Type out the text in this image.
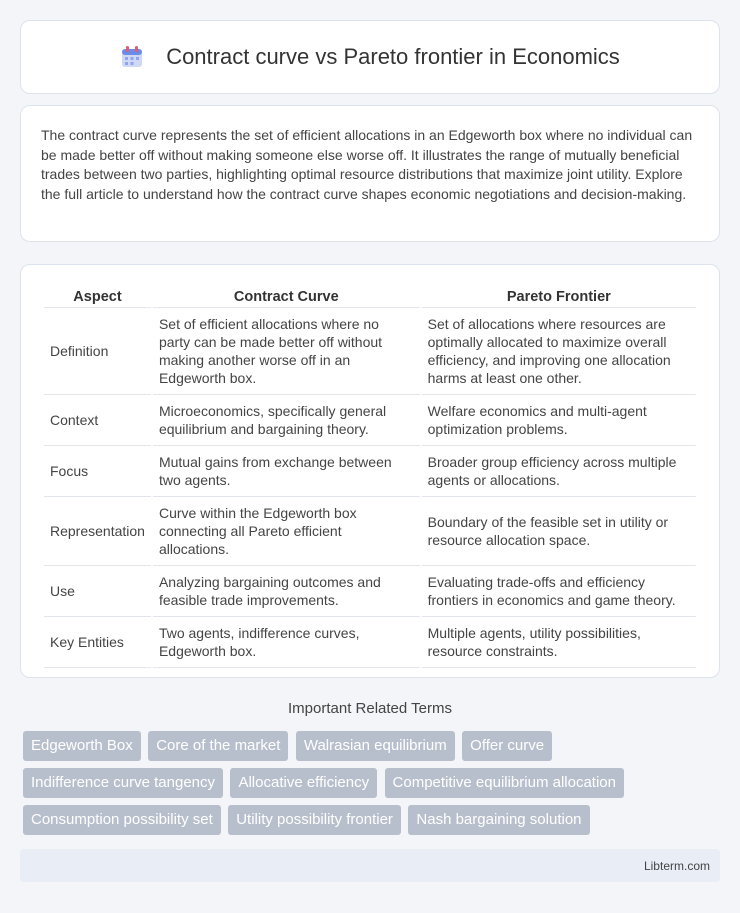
Contract curve vs Pareto frontier in Economics

The contract curve represents the set of efficient allocations in an Edgeworth box where no individual can be made better off without making someone else worse off. It illustrates the range of mutually beneficial trades between two parties, highlighting optimal resource distributions that maximize joint utility. Explore the full article to understand how the contract curve shapes economic negotiations and decision-making.

Aspect	Contract Curve	Pareto Frontier
Definition	Set of efficient allocations where no party can be made better off without making another worse off in an Edgeworth box.	Set of allocations where resources are optimally allocated to maximize overall efficiency, and improving one allocation harms at least one other.
Context	Microeconomics, specifically general equilibrium and bargaining theory.	Welfare economics and multi-agent optimization problems.
Focus	Mutual gains from exchange between two agents.	Broader group efficiency across multiple agents or allocations.
Representation	Curve within the Edgeworth box connecting all Pareto efficient allocations.	Boundary of the feasible set in utility or resource allocation space.
Use	Analyzing bargaining outcomes and feasible trade improvements.	Evaluating trade-offs and efficiency frontiers in economics and game theory.
Key Entities	Two agents, indifference curves, Edgeworth box.	Multiple agents, utility possibilities, resource constraints.
Important Related Terms
Edgeworth Box Core of the market Walrasian equilibrium Offer curve Indifference curve tangency Allocative efficiency Competitive equilibrium allocation Consumption possibility set Utility possibility frontier Nash bargaining solution
Libterm.com
